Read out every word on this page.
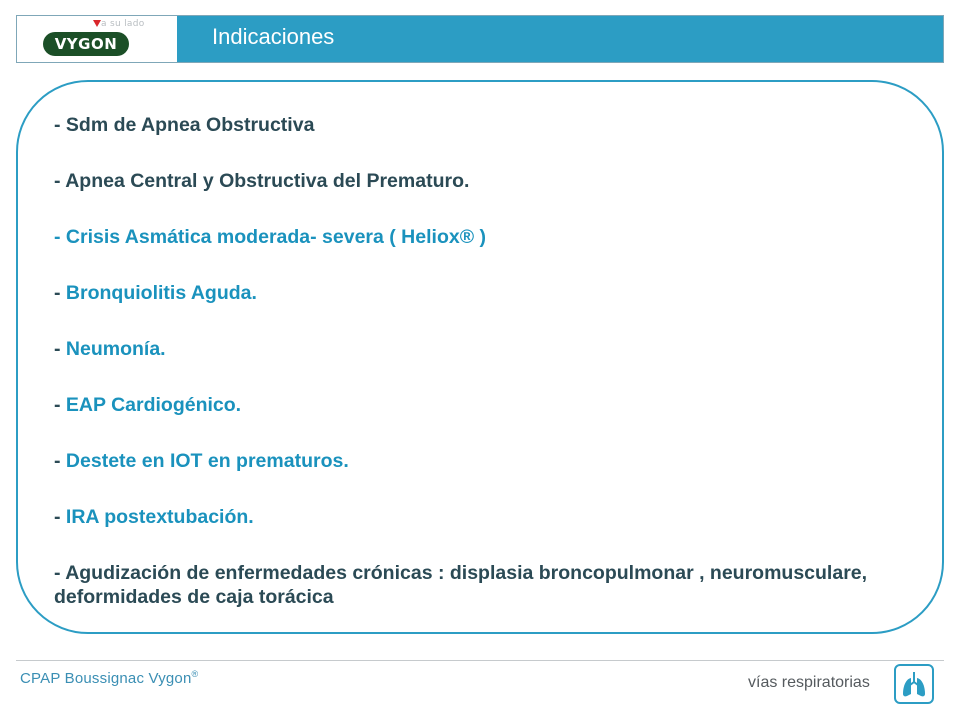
a su lado
VYGON	Indicaciones
- Sdm de Apnea Obstructiva
- Apnea Central y Obstructiva del Prematuro.
- Crisis Asmática moderada- severa ( Heliox® )
- Bronquiolitis Aguda.
- Neumonía.
- EAP Cardiogénico.
- Destete en IOT en prematuros.
- IRA postextubación.
- Agudización de enfermedades crónicas : displasia broncopulmonar , neuromusculare, deformidades de caja torácica
CPAP Boussignac Vygon®	vías respiratorias
